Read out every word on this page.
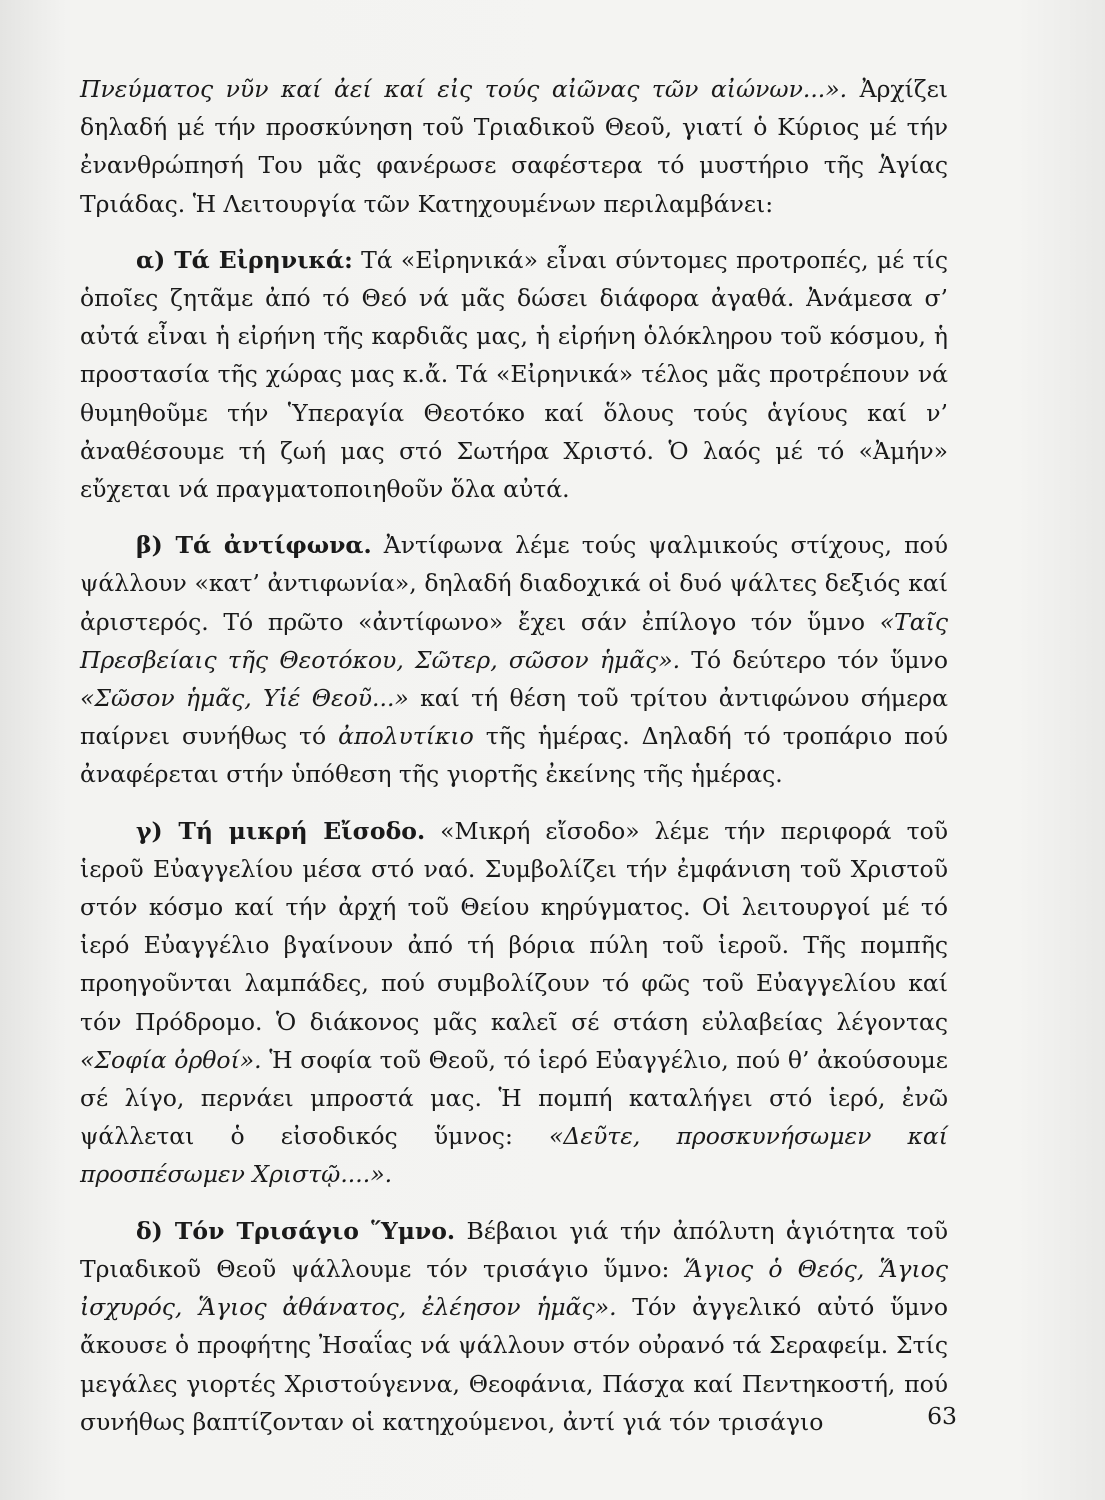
Πνεύματος νῦν καί ἀεί καί εἰς τούς αἰῶνας τῶν αἰώνων...». Ἀρχίζει δηλαδή μέ τήν προσκύνηση τοῦ Τριαδικοῦ Θεοῦ, γιατί ὁ Κύριος μέ τήν ἐνανθρώπησή Του μᾶς φανέρωσε σαφέστερα τό μυστήριο τῆς Ἁγίας Τριάδας. Ἡ Λειτουργία τῶν Κατηχουμένων περιλαμβάνει:

α) Τά Εἰρηνικά: Τά «Εἰρηνικά» εἶναι σύντομες προτροπές, μέ τίς ὁποῖες ζητᾶμε ἀπό τό Θεό νά μᾶς δώσει διάφορα ἀγαθά. Ἀνάμεσα σ’ αὐτά εἶναι ἡ εἰρήνη τῆς καρδιᾶς μας, ἡ εἰρήνη ὁλόκληρου τοῦ κόσμου, ἡ προστασία τῆς χώρας μας κ.ἄ. Τά «Εἰρηνικά» τέλος μᾶς προτρέπουν νά θυμηθοῦμε τήν Ὑπεραγία Θεοτόκο καί ὅλους τούς ἁγίους καί ν’ ἀναθέσουμε τή ζωή μας στό Σωτήρα Χριστό. Ὁ λαός μέ τό «Ἀμήν» εὔχεται νά πραγματοποιηθοῦν ὅλα αὐτά.

β) Τά ἀντίφωνα. Ἀντίφωνα λέμε τούς ψαλμικούς στίχους, πού ψάλλουν «κατ’ ἀντιφωνία», δηλαδή διαδοχικά οἱ δυό ψάλτες δεξιός καί ἀριστερός. Τό πρῶτο «ἀντίφωνο» ἔχει σάν ἐπίλογο τόν ὕμνο «Ταῖς Πρεσβείαις τῆς Θεοτόκου, Σῶτερ, σῶσον ἡμᾶς». Τό δεύτερο τόν ὕμνο «Σῶσον ἡμᾶς, Υἱέ Θεοῦ...» καί τή θέση τοῦ τρίτου ἀντιφώνου σήμερα παίρνει συνήθως τό ἀπολυτίκιο τῆς ἡμέρας. Δηλαδή τό τροπάριο πού ἀναφέρεται στήν ὑπόθεση τῆς γιορτῆς ἐκείνης τῆς ἡμέρας.

γ) Τή μικρή Εἴσοδο. «Μικρή εἴσοδο» λέμε τήν περιφορά τοῦ ἱεροῦ Εὐαγγελίου μέσα στό ναό. Συμβολίζει τήν ἐμφάνιση τοῦ Χριστοῦ στόν κόσμο καί τήν ἀρχή τοῦ Θείου κηρύγματος. Οἱ λειτουργοί μέ τό ἱερό Εὐαγγέλιο βγαίνουν ἀπό τή βόρια πύλη τοῦ ἱεροῦ. Τῆς πομπῆς προηγοῦνται λαμπάδες, πού συμβολίζουν τό φῶς τοῦ Εὐαγγελίου καί τόν Πρόδρομο. Ὁ διάκονος μᾶς καλεῖ σέ στάση εὐλαβείας λέγοντας «Σοφία ὀρθοί». Ἡ σοφία τοῦ Θεοῦ, τό ἱερό Εὐαγγέλιο, πού θ’ ἀκούσουμε σέ λίγο, περνάει μπροστά μας. Ἡ πομπή καταλήγει στό ἱερό, ἐνῶ ψάλλεται ὁ εἰσοδικός ὕμνος: «Δεῦτε, προσκυνήσωμεν καί προσπέσωμεν Χριστῷ....».

δ) Τόν Τρισάγιο Ὕμνο. Βέβαιοι γιά τήν ἀπόλυτη ἁγιότητα τοῦ Τριαδικοῦ Θεοῦ ψάλλουμε τόν τρισάγιο ὕμνο: Ἅγιος ὁ Θεός, Ἅγιος ἰσχυρός, Ἅγιος ἀθάνατος, ἐλέησον ἡμᾶς». Τόν ἀγγελικό αὐτό ὕμνο ἄκουσε ὁ προφήτης Ἠσαΐας νά ψάλλουν στόν οὐρανό τά Σεραφείμ. Στίς μεγάλες γιορτές Χριστούγεννα, Θεοφάνια, Πάσχα καί Πεντηκοστή, πού συνήθως βαπτίζονταν οἱ κατηχούμενοι, ἀντί γιά τόν τρισάγιο	63
